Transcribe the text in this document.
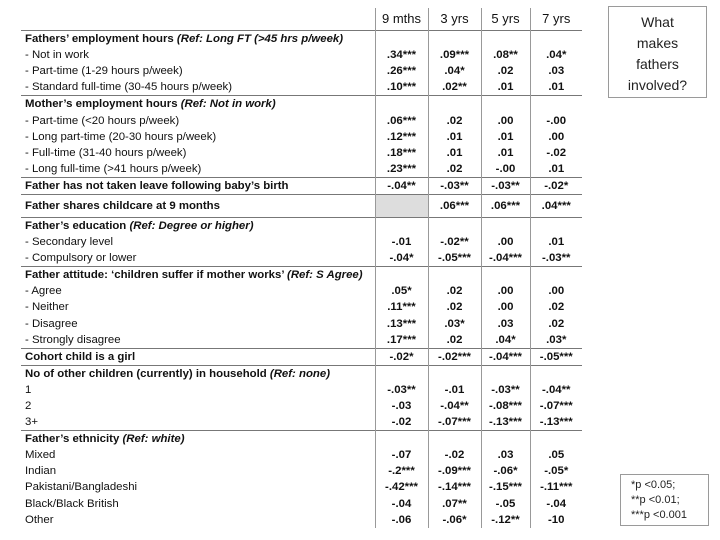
	9 mths	3 yrs	5 yrs	7 yrs
Fathers’ employment hours (Ref: Long FT (>45 hrs p/week)				
- Not in work	.34***	.09***	.08**	.04*
- Part-time (1-29 hours p/week)	.26***	.04*	.02	.03
- Standard full-time (30-45 hours p/week)	.10***	.02**	.01	.01
Mother’s employment hours (Ref: Not in work)				
- Part-time (<20 hours p/week)	.06***	.02	.00	-.00
- Long part-time (20-30 hours p/week)	.12***	.01	.01	.00
- Full-time (31-40 hours p/week)	.18***	.01	.01	-.02
- Long full-time (>41 hours p/week)	.23***	.02	-.00	.01
Father has not taken leave following baby’s birth	-.04**	-.03**	-.03**	-.02*
Father shares childcare at 9 months		.06***	.06***	.04***
Father’s education (Ref: Degree or higher)				
- Secondary level	-.01	-.02**	.00	.01
- Compulsory or lower	-.04*	-.05***	-.04***	-.03**
Father attitude: ‘children suffer if mother works’ (Ref: S Agree)				
- Agree	.05*	.02	.00	.00
- Neither	.11***	.02	.00	.02
- Disagree	.13***	.03*	.03	.02
- Strongly disagree	.17***	.02	.04*	.03*
Cohort child is a girl	-.02*	-.02***	-.04***	-.05***
No of other children (currently) in household (Ref: none)				
1	-.03**	-.01	-.03**	-.04**
2	-.03	-.04**	-.08***	-.07***
3+	-.02	-.07***	-.13***	-.13***
Father’s ethnicity (Ref: white)				
Mixed	-.07	-.02	.03	.05
Indian	-.2***	-.09***	-.06*	-.05*
Pakistani/Bangladeshi	-.42***	-.14***	-.15***	-.11***
Black/Black British	-.04	.07**	-.05	-.04
Other	-.06	-.06*	-.12**	-10
What
makes
fathers
involved?
*p <0.05;
**p <0.01;
***p <0.001
